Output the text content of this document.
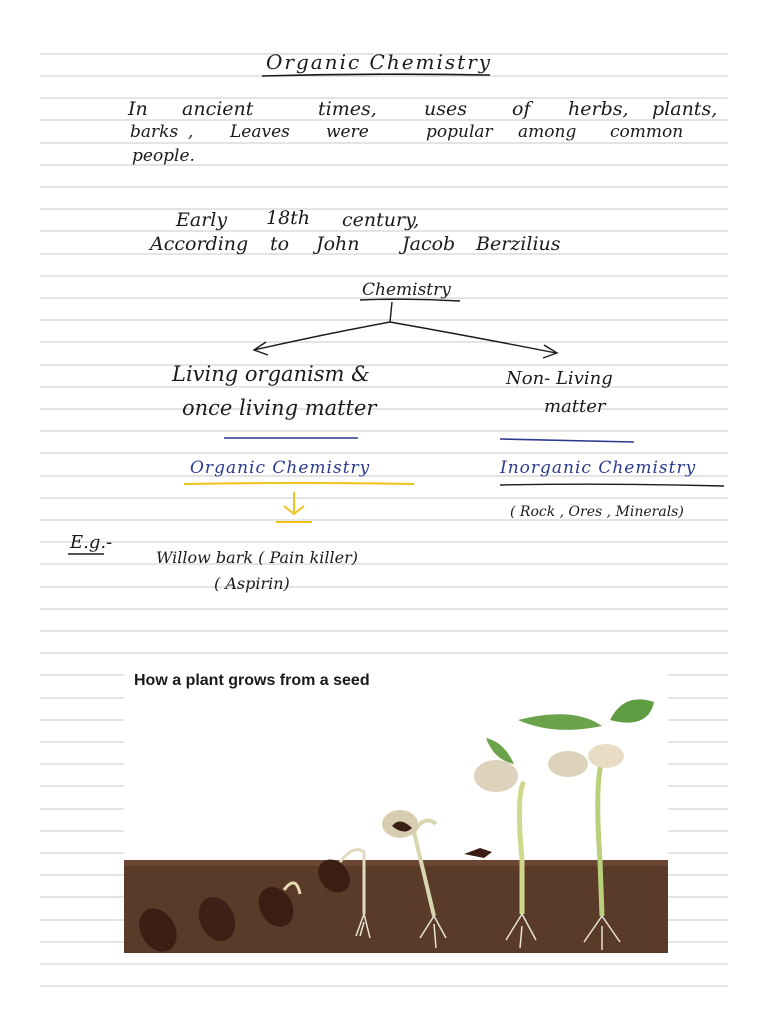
Organic Chemistry
In ancient	times, uses of herbs, plants,
barks , Leaves were	popular among common
people.
Early 18th century,
According to John Jacob Berzilius
Chemistry
Living organism &
once living matter
Non- Living
matter
Organic Chemistry	Inorganic Chemistry
( Rock , Ores , Minerals)
E.g.-
Willow bark ( Pain killer)
( Aspirin)
How a plant grows from a seed
